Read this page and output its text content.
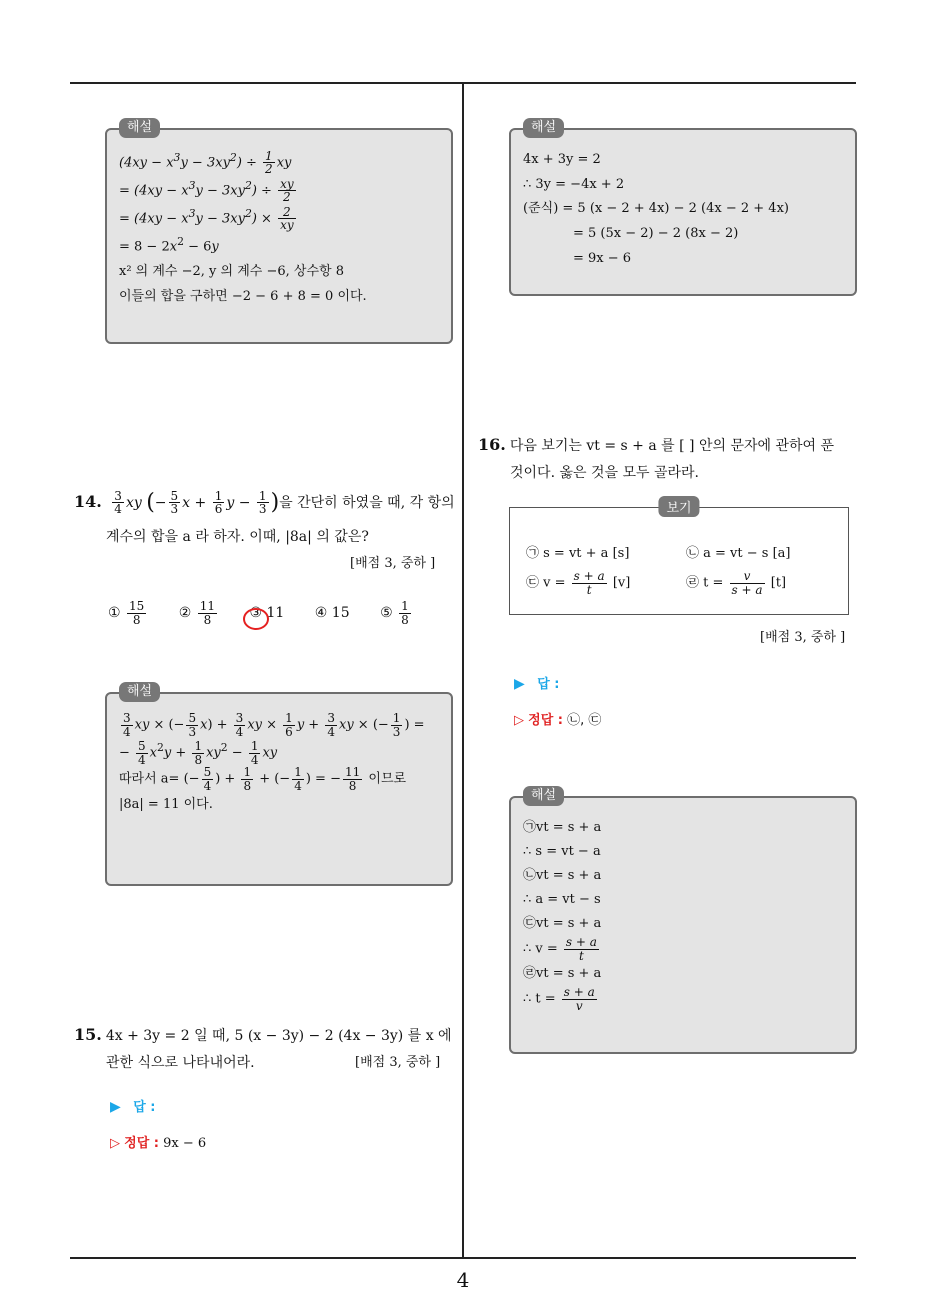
해설
$(4xy - x^3y - 3xy^2) \div \frac{1}{2}$ xy
= $(4xy - x^3y - 3xy^2) \div \frac{xy}{2}$
= $(4xy - x^3y - 3xy^2) \times \frac{2}{xy}$
= $8 - 2x^2 - 6y$
x² 의 계수 −2, y 의 계수 −6, 상수항 8
이들의 합을 구하면 −2 − 6 + 8 = 0 이다.
14. $\frac{3}{4}$ xy (− $\frac{5}{3}$ $x + \frac{1}{6}$ $y - \frac{1}{3}$ )을 간단히 하였을 때, 각 항의
계수의 합을 a 라 하자. 이때, |8a| 의 값은?
[배점 3, 중하 ]
① $\frac{15}{8}$ ② $\frac{11}{8}$ ③ 11 ④ 15 ⑤ $\frac{1}{8}$
해설
$\frac{3}{4}$ xy × (− $\frac{5}{3} x) + \frac{3}{4}$ xy × $\frac{1}{6}$ $y + \frac{3}{4}$ xy × (− $\frac{1}{3}$ ) =
− $\frac{5}{4} x^2y + \frac{1}{8} xy^2 - \frac{1}{4}$ xy
따라서 a= (− $\frac{5}{4}$ ) + $\frac{1}{8}$ + (− $\frac{1}{4}$ ) = − $\frac{11}{8}$ 이므로
|8a| = 11 이다.
15. 4x + 3y = 2 일 때, 5 (x − 3y) − 2 (4x − 3y) 를 x 에
관한 식으로 나타내어라.	[배점 3, 중하 ]
▶ 답 :
▷ 정답 : 9x − 6
해설
4x + 3y = 2
∴ 3y = −4x + 2
(준식) = 5 (x − 2 + 4x) − 2 (4x − 2 + 4x)
= 5 (5x − 2) − 2 (8x − 2)
= 9x − 6
16. 다음 보기는 vt = s + a 를 [ ] 안의 문자에 관하여 푼
것이다. 옳은 것을 모두 골라라.
보기
㉠ s = vt + a [s]	㉡ a = vt − s [a]
㉢ $v = \frac{s + a}{t} [v]$	㉣ $t = \frac{v}{s + a} [t]$
[배점 3, 중하 ]
▶ 답 :
▷ 정답 : ㉡, ㉢
해설
㉠vt = s + a
∴ s = vt − a
㉡vt = s + a
∴ a = vt − s
㉢vt = s + a
∴ $v = \frac{s + a}{t}$
㉣vt = s + a
∴ $t = \frac{s + a}{v}$
4
